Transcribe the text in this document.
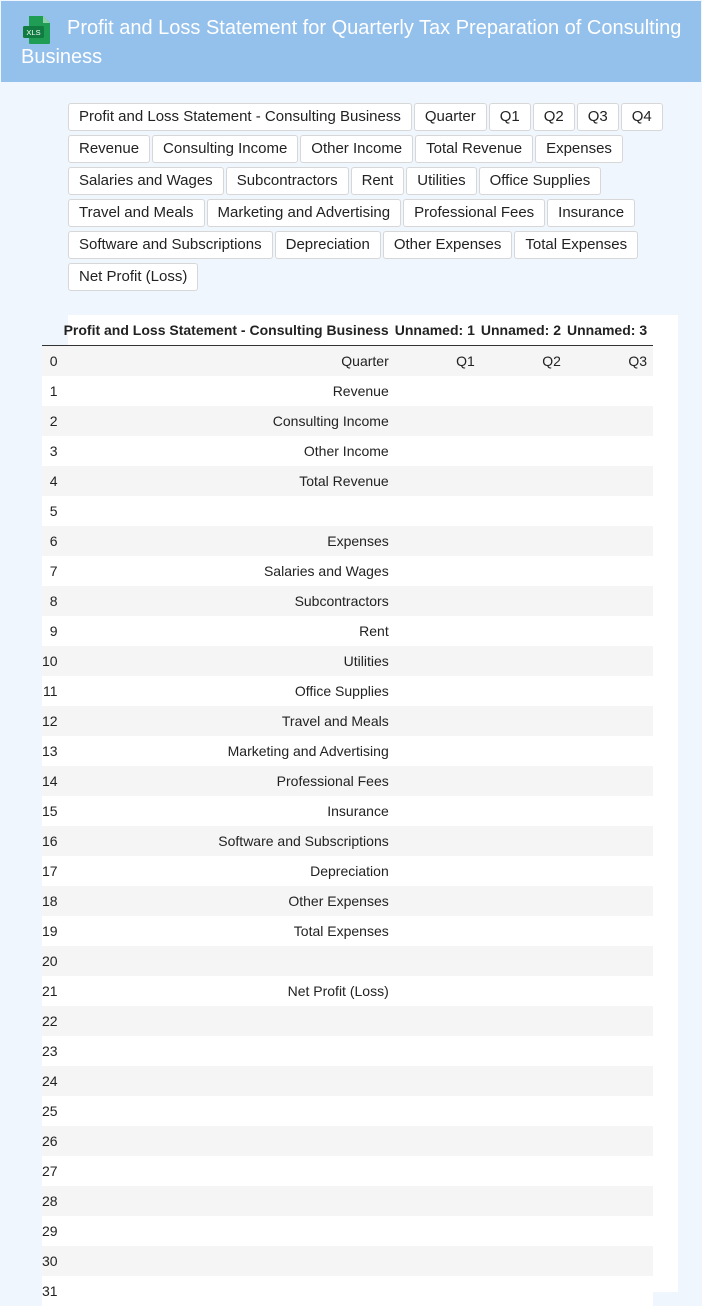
XLS	Profit and Loss Statement for Quarterly Tax Preparation of Consulting Business
Profit and Loss Statement - Consulting Business	Quarter	Q1	Q2	Q3	Q4
Revenue	Consulting Income	Other Income	Total Revenue	Expenses
Salaries and Wages	Subcontractors	Rent	Utilities	Office Supplies
Travel and Meals	Marketing and Advertising	Professional Fees	Insurance
Software and Subscriptions	Depreciation	Other Expenses	Total Expenses
Net Profit (Loss)
	Profit and Loss Statement - Consulting Business	Unnamed: 1	Unnamed: 2	Unnamed: 3
0	Quarter	Q1	Q2	Q3
1	Revenue			
2	Consulting Income			
3	Other Income			
4	Total Revenue			
5				
6	Expenses			
7	Salaries and Wages			
8	Subcontractors			
9	Rent			
10	Utilities			
11	Office Supplies			
12	Travel and Meals			
13	Marketing and Advertising			
14	Professional Fees			
15	Insurance			
16	Software and Subscriptions			
17	Depreciation			
18	Other Expenses			
19	Total Expenses			
20				
21	Net Profit (Loss)			
22				
23				
24				
25				
26				
27				
28				
29				
30				
31				
